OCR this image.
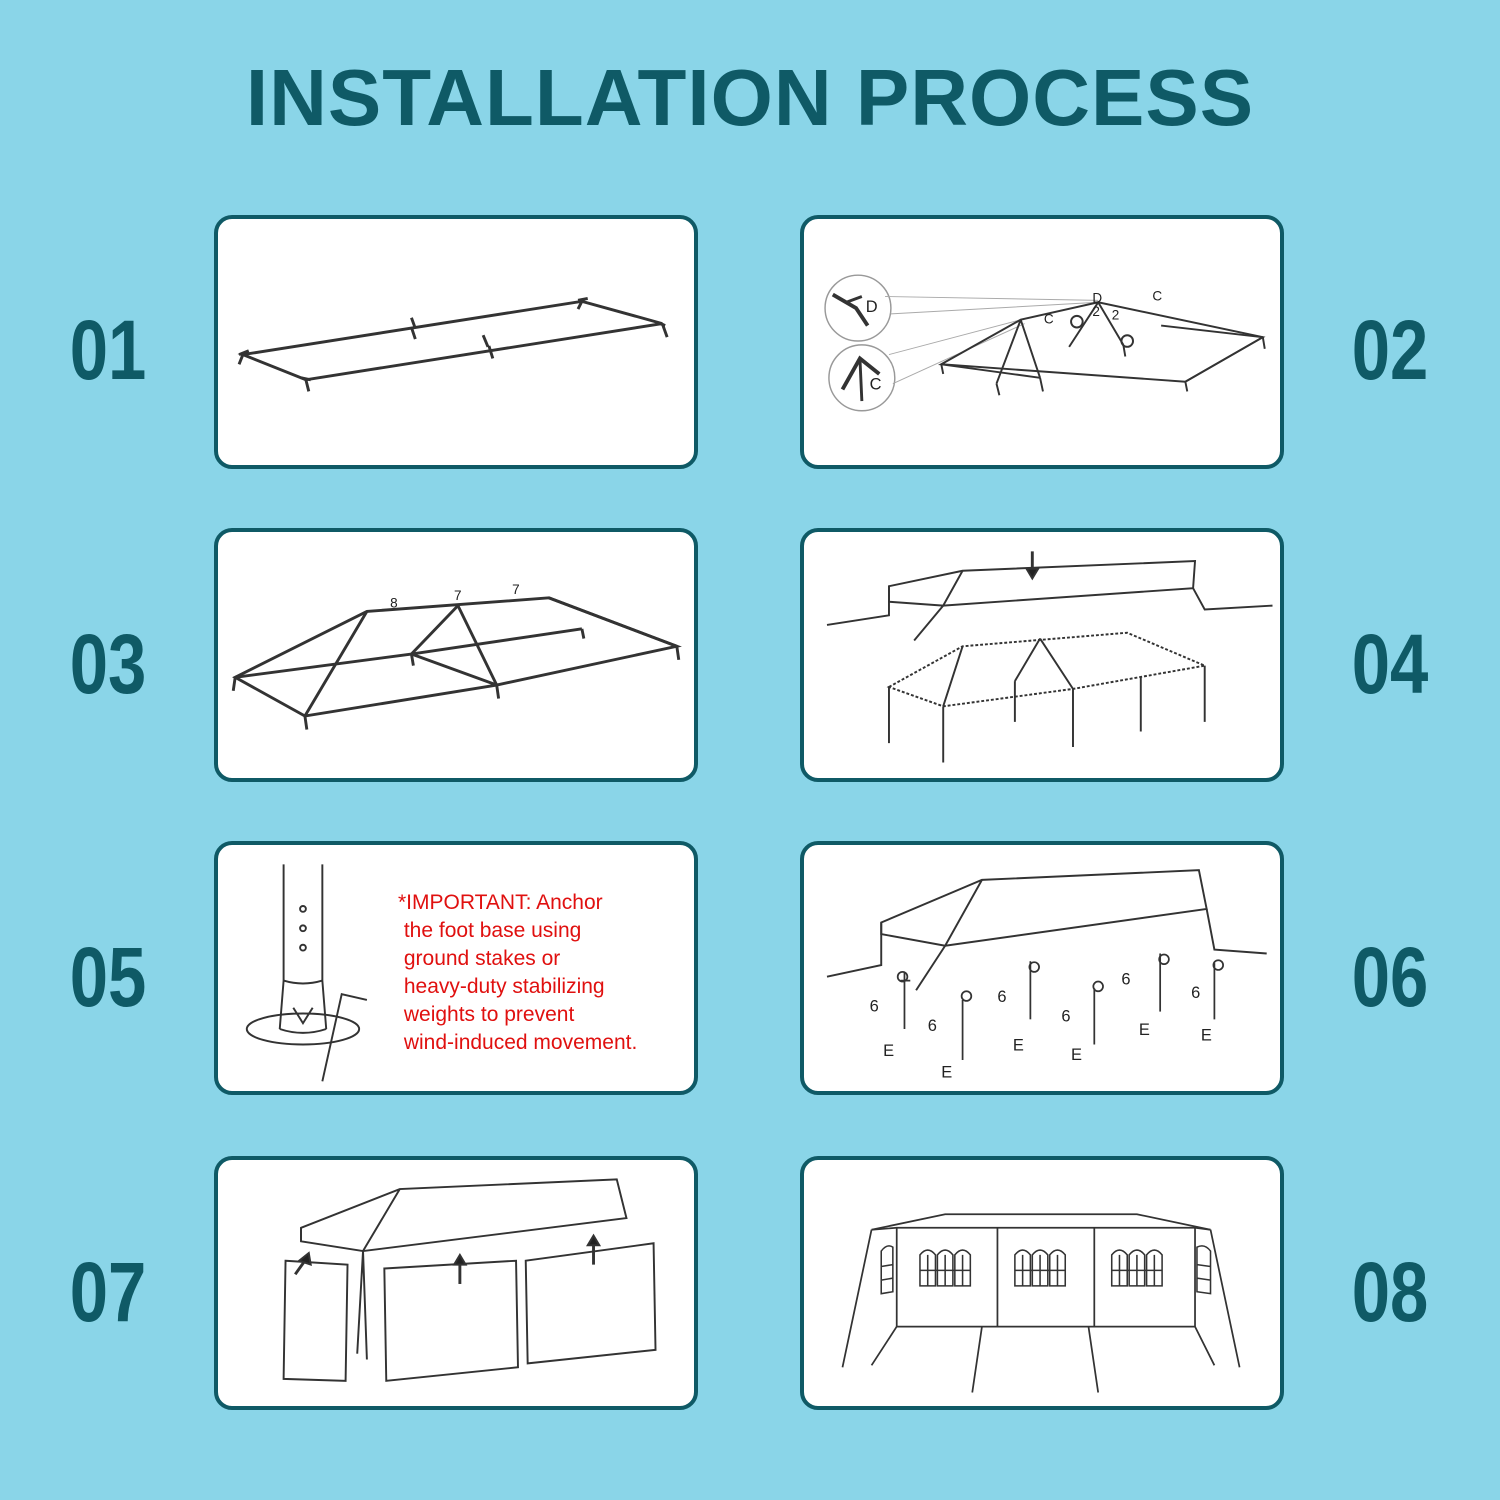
INSTALLATION PROCESS
01	02
03	04
05	06
07	08
D
C
D
C
C
2 2
8
7	7
*IMPORTANT: Anchor
the foot base using
ground stakes or
heavy-duty stabilizing
weights to prevent
wind-induced movement.
6
6
6
6
6
6
E
E
E
E
E	E
